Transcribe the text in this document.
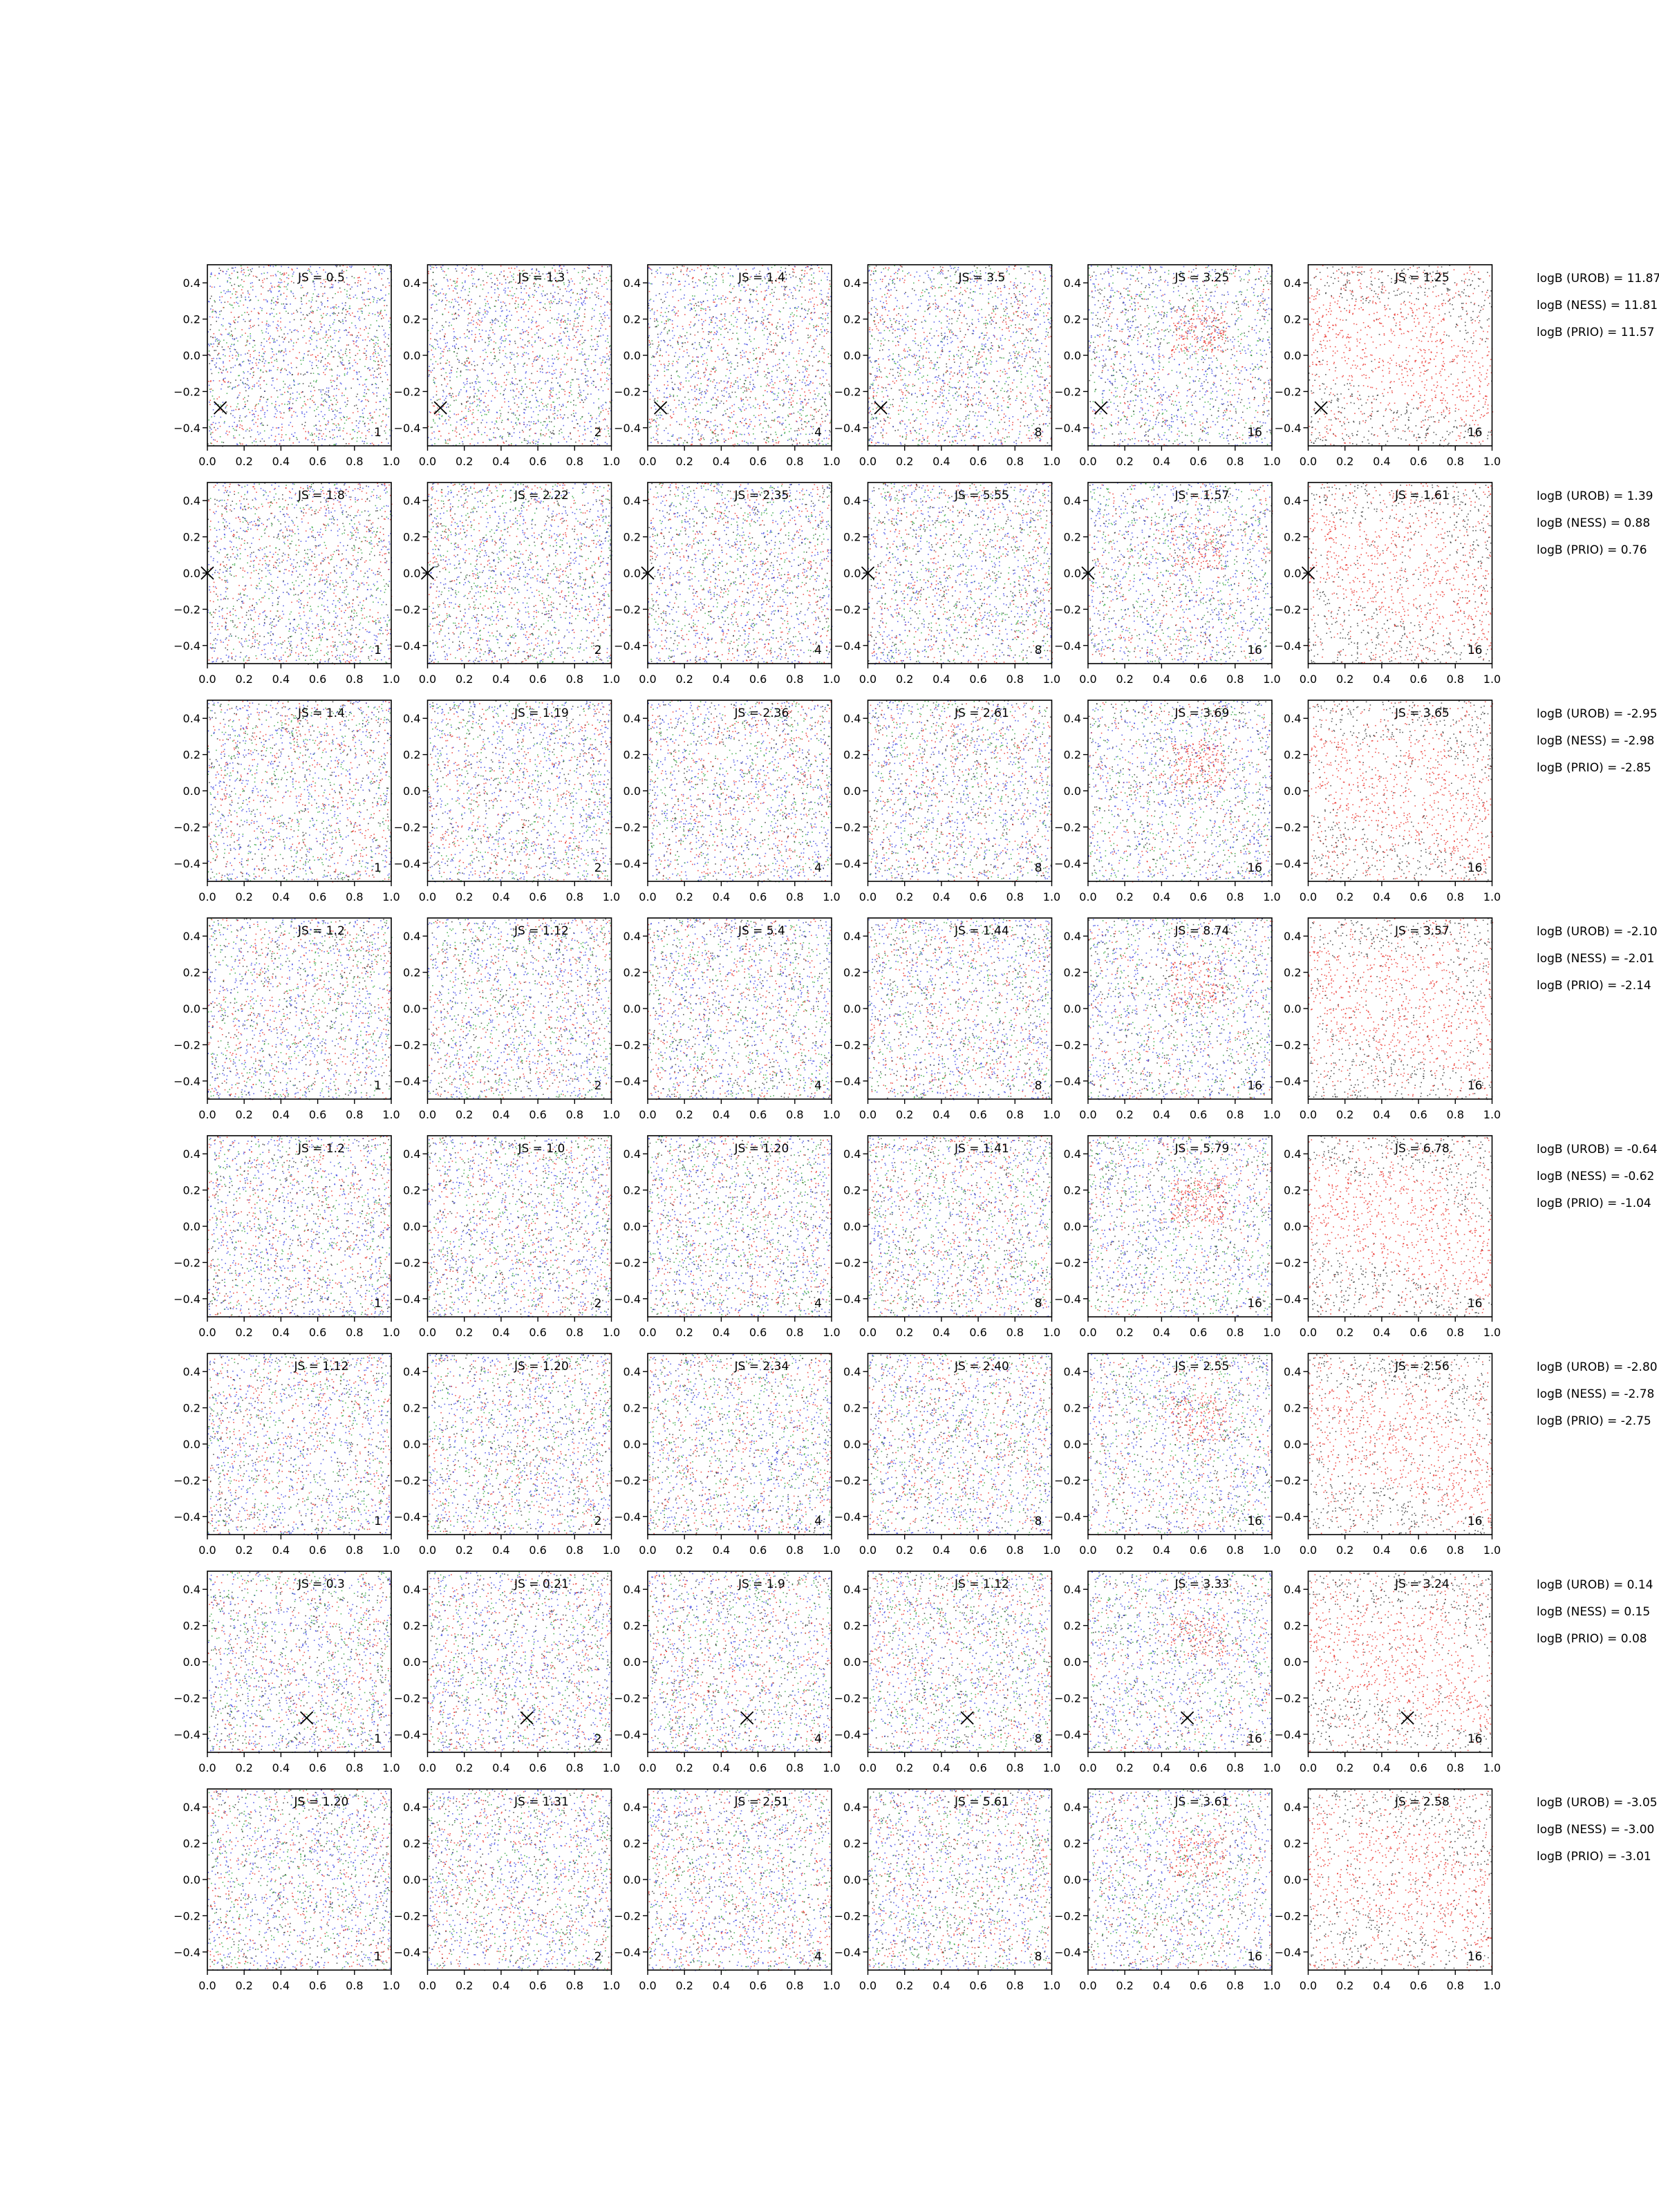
0.0 0.2 0.4 0.6 0.8 1.0
−0.4
−0.2
0.0
0.2
0.4	JS = 0.5
1
0.0 0.2 0.4 0.6 0.8 1.0
−0.4
−0.2
0.0
0.2
0.4	JS = 1.3
2
0.0 0.2 0.4 0.6 0.8 1.0
−0.4
−0.2
0.0
0.2
0.4	JS = 1.4
4
0.0 0.2 0.4 0.6 0.8 1.0
−0.4
−0.2
0.0
0.2
0.4	JS = 3.5
8
0.0 0.2 0.4 0.6 0.8 1.0
−0.4
−0.2
0.0
0.2
0.4	JS = 3.25
16
0.0 0.2 0.4 0.6 0.8 1.0
−0.4
−0.2
0.0
0.2
0.4	JS = 1.25
16
logB (UROB) = 11.87
logB (NESS) = 11.81
logB (PRIO) = 11.57
0.0 0.2 0.4 0.6 0.8 1.0
−0.4
−0.2
0.0
0.2
0.4	JS = 1.8
1
0.0 0.2 0.4 0.6 0.8 1.0
−0.4
−0.2
0.0
0.2
0.4	JS = 2.22
2
0.0 0.2 0.4 0.6 0.8 1.0
−0.4
−0.2
0.0
0.2
0.4	JS = 2.35
4
0.0 0.2 0.4 0.6 0.8 1.0
−0.4
−0.2
0.0
0.2
0.4	JS = 5.55
8
0.0 0.2 0.4 0.6 0.8 1.0
−0.4
−0.2
0.0
0.2
0.4	JS = 1.57
16
0.0 0.2 0.4 0.6 0.8 1.0
−0.4
−0.2
0.0
0.2
0.4	JS = 1.61
16
logB (UROB) = 1.39
logB (NESS) = 0.88
logB (PRIO) = 0.76
0.0 0.2 0.4 0.6 0.8 1.0
−0.4
−0.2
0.0
0.2
0.4	JS = 1.4
1
0.0 0.2 0.4 0.6 0.8 1.0
−0.4
−0.2
0.0
0.2
0.4	JS = 1.19
2
0.0 0.2 0.4 0.6 0.8 1.0
−0.4
−0.2
0.0
0.2
0.4	JS = 2.36
4
0.0 0.2 0.4 0.6 0.8 1.0
−0.4
−0.2
0.0
0.2
0.4	JS = 2.61
8
0.0 0.2 0.4 0.6 0.8 1.0
−0.4
−0.2
0.0
0.2
0.4	JS = 3.69
16
0.0 0.2 0.4 0.6 0.8 1.0
−0.4
−0.2
0.0
0.2
0.4	JS = 3.65
16
logB (UROB) = -2.95
logB (NESS) = -2.98
logB (PRIO) = -2.85
0.0 0.2 0.4 0.6 0.8 1.0
−0.4
−0.2
0.0
0.2
0.4	JS = 1.2
1
0.0 0.2 0.4 0.6 0.8 1.0
−0.4
−0.2
0.0
0.2
0.4	JS = 1.12
2
0.0 0.2 0.4 0.6 0.8 1.0
−0.4
−0.2
0.0
0.2
0.4	JS = 5.4
4
0.0 0.2 0.4 0.6 0.8 1.0
−0.4
−0.2
0.0
0.2
0.4	JS = 1.44
8
0.0 0.2 0.4 0.6 0.8 1.0
−0.4
−0.2
0.0
0.2
0.4	JS = 8.74
16
0.0 0.2 0.4 0.6 0.8 1.0
−0.4
−0.2
0.0
0.2
0.4	JS = 3.57
16
logB (UROB) = -2.10
logB (NESS) = -2.01
logB (PRIO) = -2.14
0.0 0.2 0.4 0.6 0.8 1.0
−0.4
−0.2
0.0
0.2
0.4	JS = 1.2
1
0.0 0.2 0.4 0.6 0.8 1.0
−0.4
−0.2
0.0
0.2
0.4	JS = 1.0
2
0.0 0.2 0.4 0.6 0.8 1.0
−0.4
−0.2
0.0
0.2
0.4	JS = 1.20
4
0.0 0.2 0.4 0.6 0.8 1.0
−0.4
−0.2
0.0
0.2
0.4	JS = 1.41
8
0.0 0.2 0.4 0.6 0.8 1.0
−0.4
−0.2
0.0
0.2
0.4	JS = 5.79
16
0.0 0.2 0.4 0.6 0.8 1.0
−0.4
−0.2
0.0
0.2
0.4	JS = 6.78
16
logB (UROB) = -0.64
logB (NESS) = -0.62
logB (PRIO) = -1.04
0.0 0.2 0.4 0.6 0.8 1.0
−0.4
−0.2
0.0
0.2
0.4	JS = 1.12
1
0.0 0.2 0.4 0.6 0.8 1.0
−0.4
−0.2
0.0
0.2
0.4	JS = 1.20
2
0.0 0.2 0.4 0.6 0.8 1.0
−0.4
−0.2
0.0
0.2
0.4	JS = 2.34
4
0.0 0.2 0.4 0.6 0.8 1.0
−0.4
−0.2
0.0
0.2
0.4	JS = 2.40
8
0.0 0.2 0.4 0.6 0.8 1.0
−0.4
−0.2
0.0
0.2
0.4	JS = 2.55
16
0.0 0.2 0.4 0.6 0.8 1.0
−0.4
−0.2
0.0
0.2
0.4	JS = 2.56
16
logB (UROB) = -2.80
logB (NESS) = -2.78
logB (PRIO) = -2.75
0.0 0.2 0.4 0.6 0.8 1.0
−0.4
−0.2
0.0
0.2
0.4	JS = 0.3
1
0.0 0.2 0.4 0.6 0.8 1.0
−0.4
−0.2
0.0
0.2
0.4	JS = 0.21
2
0.0 0.2 0.4 0.6 0.8 1.0
−0.4
−0.2
0.0
0.2
0.4	JS = 1.9
4
0.0 0.2 0.4 0.6 0.8 1.0
−0.4
−0.2
0.0
0.2
0.4	JS = 1.12
8
0.0 0.2 0.4 0.6 0.8 1.0
−0.4
−0.2
0.0
0.2
0.4	JS = 3.33
16
0.0 0.2 0.4 0.6 0.8 1.0
−0.4
−0.2
0.0
0.2
0.4	JS = 3.24
16
logB (UROB) = 0.14
logB (NESS) = 0.15
logB (PRIO) = 0.08
0.0 0.2 0.4 0.6 0.8 1.0
−0.4
−0.2
0.0
0.2
0.4	JS = 1.20
1
0.0 0.2 0.4 0.6 0.8 1.0
−0.4
−0.2
0.0
0.2
0.4	JS = 1.31
2
0.0 0.2 0.4 0.6 0.8 1.0
−0.4
−0.2
0.0
0.2
0.4	JS = 2.51
4
0.0 0.2 0.4 0.6 0.8 1.0
−0.4
−0.2
0.0
0.2
0.4	JS = 5.61
8
0.0 0.2 0.4 0.6 0.8 1.0
−0.4
−0.2
0.0
0.2
0.4	JS = 3.61
16
0.0 0.2 0.4 0.6 0.8 1.0
−0.4
−0.2
0.0
0.2
0.4	JS = 2.58
16
logB (UROB) = -3.05
logB (NESS) = -3.00
logB (PRIO) = -3.01
